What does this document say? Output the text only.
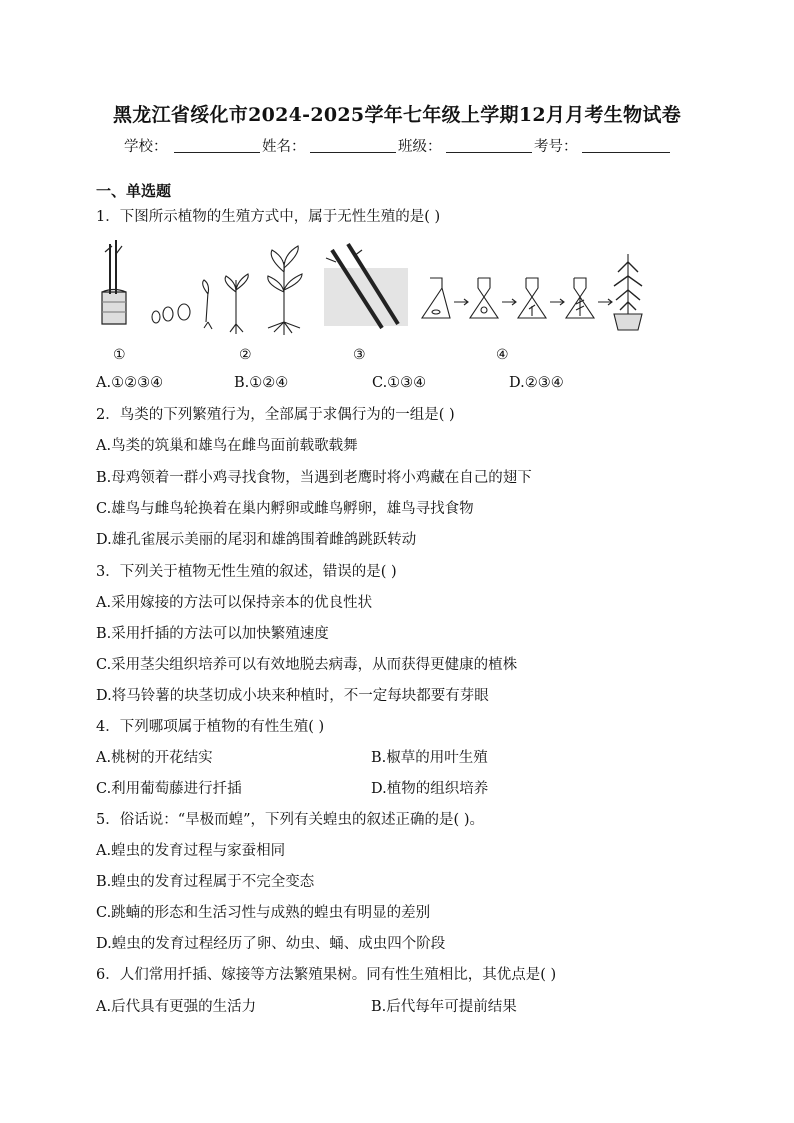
黑龙江省绥化市2024-2025学年七年级上学期12月月考生物试卷
学校：	姓名：	班级：	考号：
一、单选题
1．下图所示植物的生殖方式中，属于无性生殖的是( )
①	②	③	④
A.①②③④	B.①②④	C.①③④	D.②③④
2．鸟类的下列繁殖行为，全部属于求偶行为的一组是( )
A.鸟类的筑巢和雄鸟在雌鸟面前载歌载舞
B.母鸡领着一群小鸡寻找食物，当遇到老鹰时将小鸡藏在自己的翅下
C.雄鸟与雌鸟轮换着在巢内孵卵或雌鸟孵卵，雄鸟寻找食物
D.雄孔雀展示美丽的尾羽和雄鸽围着雌鸽跳跃转动
3．下列关于植物无性生殖的叙述，错误的是( )
A.采用嫁接的方法可以保持亲本的优良性状
B.采用扦插的方法可以加快繁殖速度
C.采用茎尖组织培养可以有效地脱去病毒，从而获得更健康的植株
D.将马铃薯的块茎切成小块来种植时，不一定每块都要有芽眼
4．下列哪项属于植物的有性生殖( )
A.桃树的开花结实	B.椒草的用叶生殖
C.利用葡萄藤进行扦插	D.植物的组织培养
5．俗话说：“旱极而蝗”，下列有关蝗虫的叙述正确的是( )。
A.蝗虫的发育过程与家蚕相同
B.蝗虫的发育过程属于不完全变态
C.跳蝻的形态和生活习性与成熟的蝗虫有明显的差别
D.蝗虫的发育过程经历了卵、幼虫、蛹、成虫四个阶段
6．人们常用扦插、嫁接等方法繁殖果树。同有性生殖相比，其优点是( )
A.后代具有更强的生活力	B.后代每年可提前结果
